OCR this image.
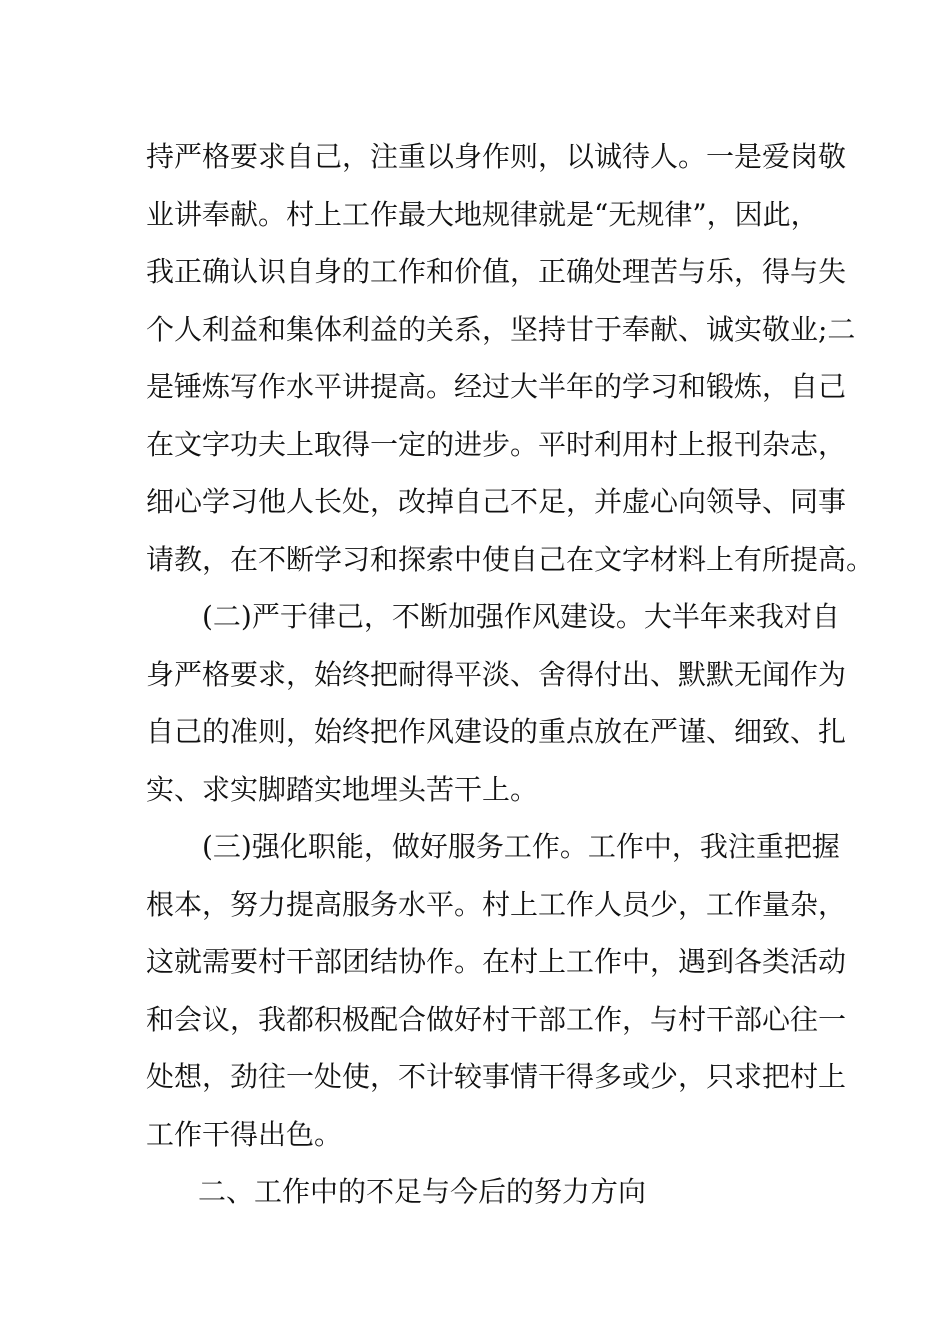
持严格要求自己，注重以身作则，以诚待人。一是爱岗敬
业讲奉献。村上工作最大地规律就是“无规律”，因此，
我正确认识自身的工作和价值，正确处理苦与乐，得与失
个人利益和集体利益的关系，坚持甘于奉献、诚实敬业;二
是锤炼写作水平讲提高。经过大半年的学习和锻炼，自己
在文字功夫上取得一定的进步。平时利用村上报刊杂志，
细心学习他人长处，改掉自己不足，并虚心向领导、同事
请教，在不断学习和探索中使自己在文字材料上有所提高。
(二)严于律己，不断加强作风建设。大半年来我对自
身严格要求，始终把耐得平淡、舍得付出、默默无闻作为
自己的准则，始终把作风建设的重点放在严谨、细致、扎
实、求实脚踏实地埋头苦干上。
(三)强化职能，做好服务工作。工作中，我注重把握
根本，努力提高服务水平。村上工作人员少，工作量杂，
这就需要村干部团结协作。在村上工作中，遇到各类活动
和会议，我都积极配合做好村干部工作，与村干部心往一
处想，劲往一处使，不计较事情干得多或少，只求把村上
工作干得出色。
二、工作中的不足与今后的努力方向
